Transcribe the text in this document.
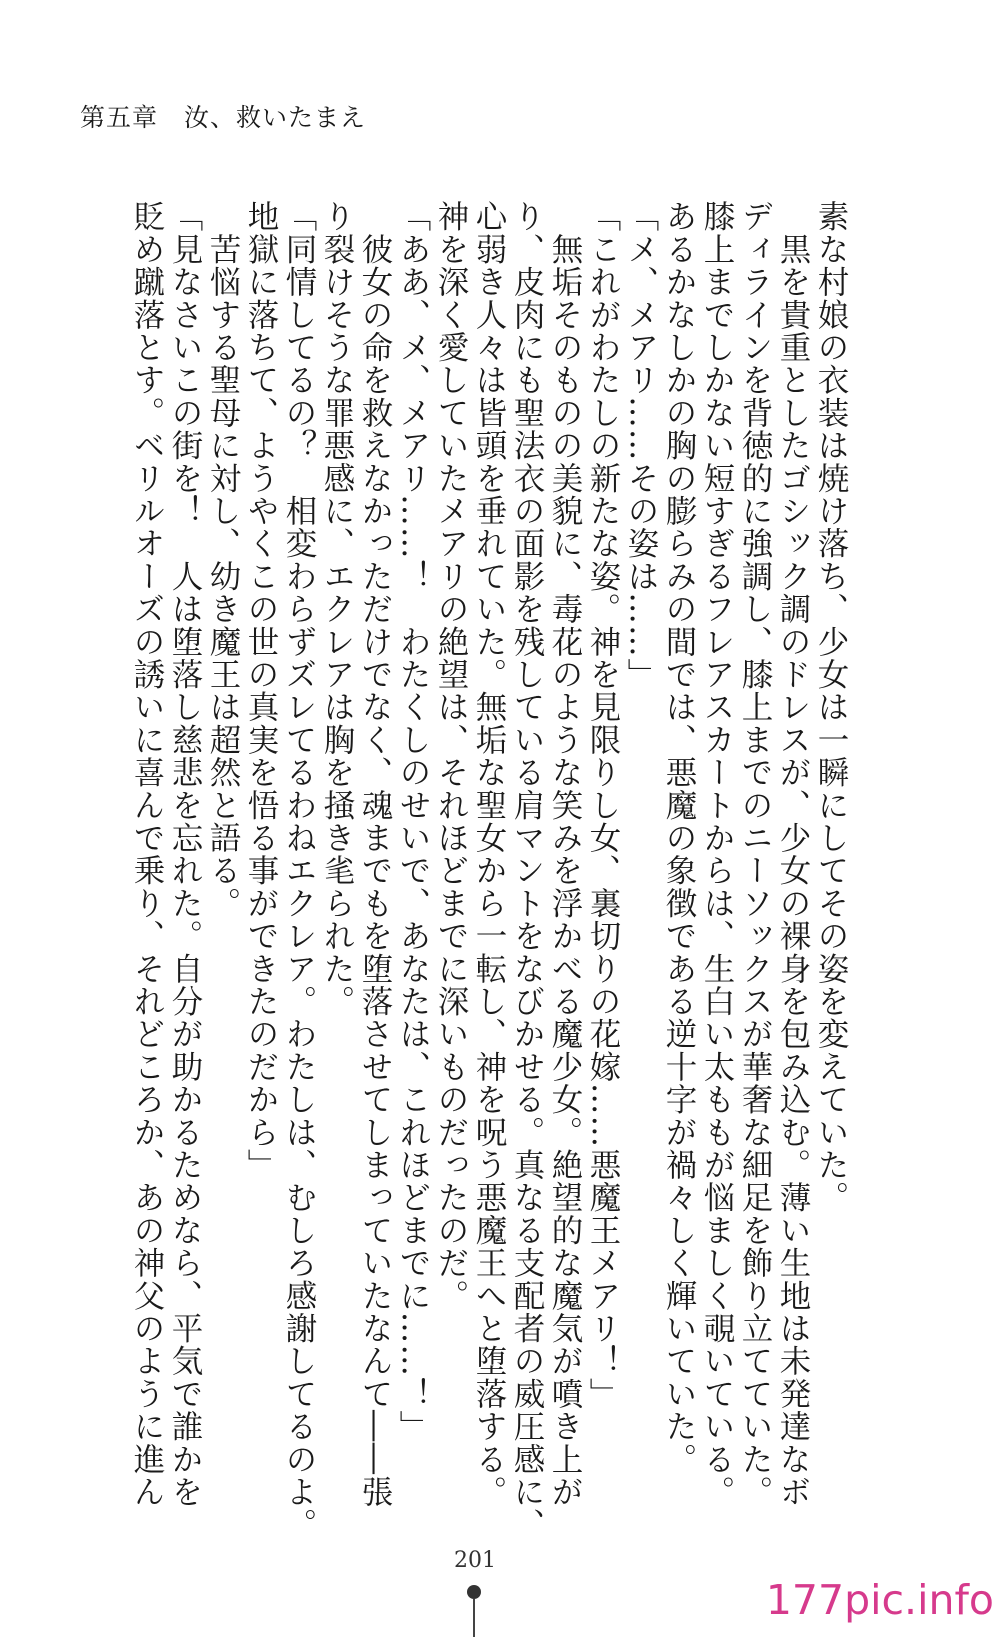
第五章　汝、救いたまえ

素な村娘の衣装は焼け落ち、少女は一瞬にしてその姿を変えていた。

　黒を貴重としたゴシック調のドレスが、少女の裸身を包み込む。薄い生地は未発達なボ

ディラインを背徳的に強調し、膝上までのニーソックスが華奢な細足を飾り立てていた。

膝上までしかない短すぎるフレアスカートからは、生白い太ももが悩ましく覗いている。

あるかなしかの胸の膨らみの間では、悪魔の象徴である逆十字が禍々しく輝いていた。

「メ、メアリ……その姿は……」

「これがわたしの新たな姿。神を見限りし女、裏切りの花嫁……悪魔王メアリ！」

　無垢そのものの美貌に、毒花のような笑みを浮かべる魔少女。絶望的な魔気が噴き上が

り、皮肉にも聖法衣の面影を残している肩マントをなびかせる。真なる支配者の威圧感に、

心弱き人々は皆頭を垂れていた。無垢な聖女から一転し、神を呪う悪魔王へと堕落する。

神を深く愛していたメアリの絶望は、それほどまでに深いものだったのだ。

「ああ、メ、メアリ……！　わたくしのせいで、あなたは、これほどまでに……！」

　彼女の命を救えなかっただけでなく、魂までもを堕落させてしまっていたなんて――張

り裂けそうな罪悪感に、エクレアは胸を掻き毟られた。

「同情してるの？　相変わらずズレてるわねエクレア。わたしは、むしろ感謝してるのよ。

地獄に落ちて、ようやくこの世の真実を悟る事ができたのだから」

　苦悩する聖母に対し、幼き魔王は超然と語る。

「見なさいこの街を！　人は堕落し慈悲を忘れた。自分が助かるためなら、平気で誰かを

貶め蹴落とす。ベリルオーズの誘いに喜んで乗り、それどころか、あの神父のように進ん

201
177pic.info
